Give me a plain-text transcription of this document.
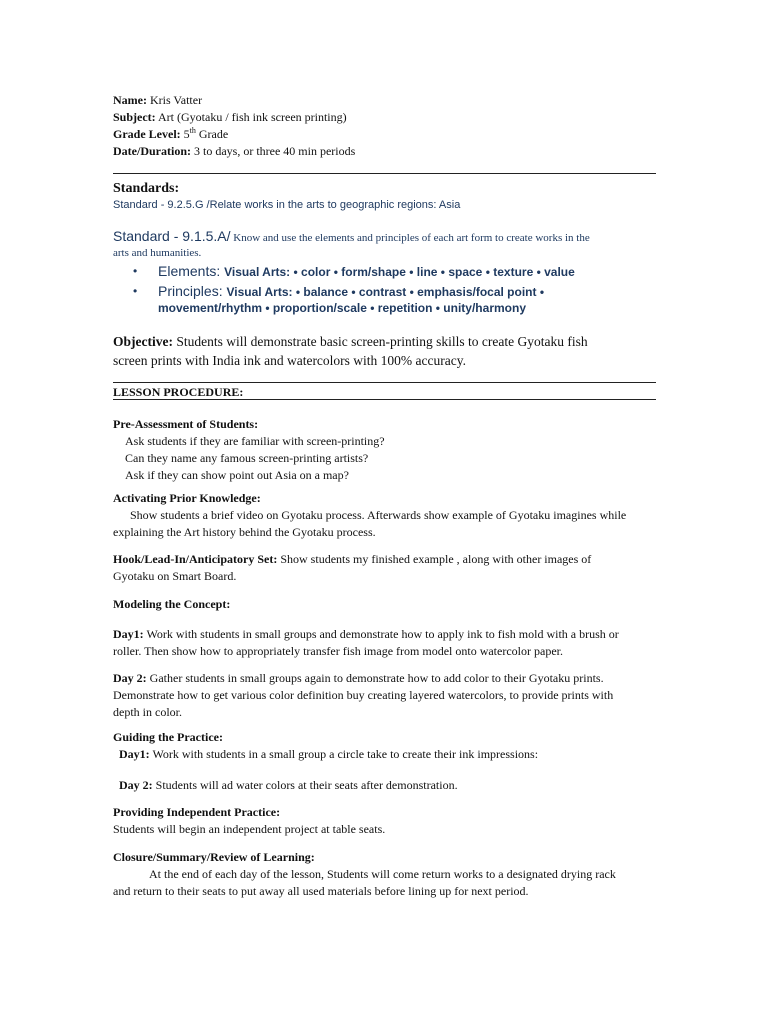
Name: Kris Vatter
Subject: Art (Gyotaku / fish ink screen printing)
Grade Level: 5th Grade
Date/Duration: 3 to days, or three 40 min periods
Standards:
Standard - 9.2.5.G /Relate works in the arts to geographic regions: Asia
Standard - 9.1.5.A/ Know and use the elements and principles of each art form to create works in the
arts and humanities.
• Elements: Visual Arts: • color • form/shape • line • space • texture • value
• Principles: Visual Arts: • balance • contrast • emphasis/focal point •
movement/rhythm • proportion/scale • repetition • unity/harmony
Objective: Students will demonstrate basic screen-printing skills to create Gyotaku fish
screen prints with India ink and watercolors with 100% accuracy.
LESSON PROCEDURE:
Pre-Assessment of Students:
Ask students if they are familiar with screen-printing?
Can they name any famous screen-printing artists?
Ask if they can show point out Asia on a map?
Activating Prior Knowledge:
Show students a brief video on Gyotaku process. Afterwards show example of Gyotaku imagines while
explaining the Art history behind the Gyotaku process.
Hook/Lead-In/Anticipatory Set: Show students my finished example , along with other images of
Gyotaku on Smart Board.
Modeling the Concept:
Day1: Work with students in small groups and demonstrate how to apply ink to fish mold with a brush or
roller. Then show how to appropriately transfer fish image from model onto watercolor paper.
Day 2: Gather students in small groups again to demonstrate how to add color to their Gyotaku prints.
Demonstrate how to get various color definition buy creating layered watercolors, to provide prints with
depth in color.
Guiding the Practice:
Day1: Work with students in a small group a circle take to create their ink impressions:
Day 2: Students will ad water colors at their seats after demonstration.
Providing Independent Practice:
Students will begin an independent project at table seats.
Closure/Summary/Review of Learning:
At the end of each day of the lesson, Students will come return works to a designated drying rack
and return to their seats to put away all used materials before lining up for next period.
